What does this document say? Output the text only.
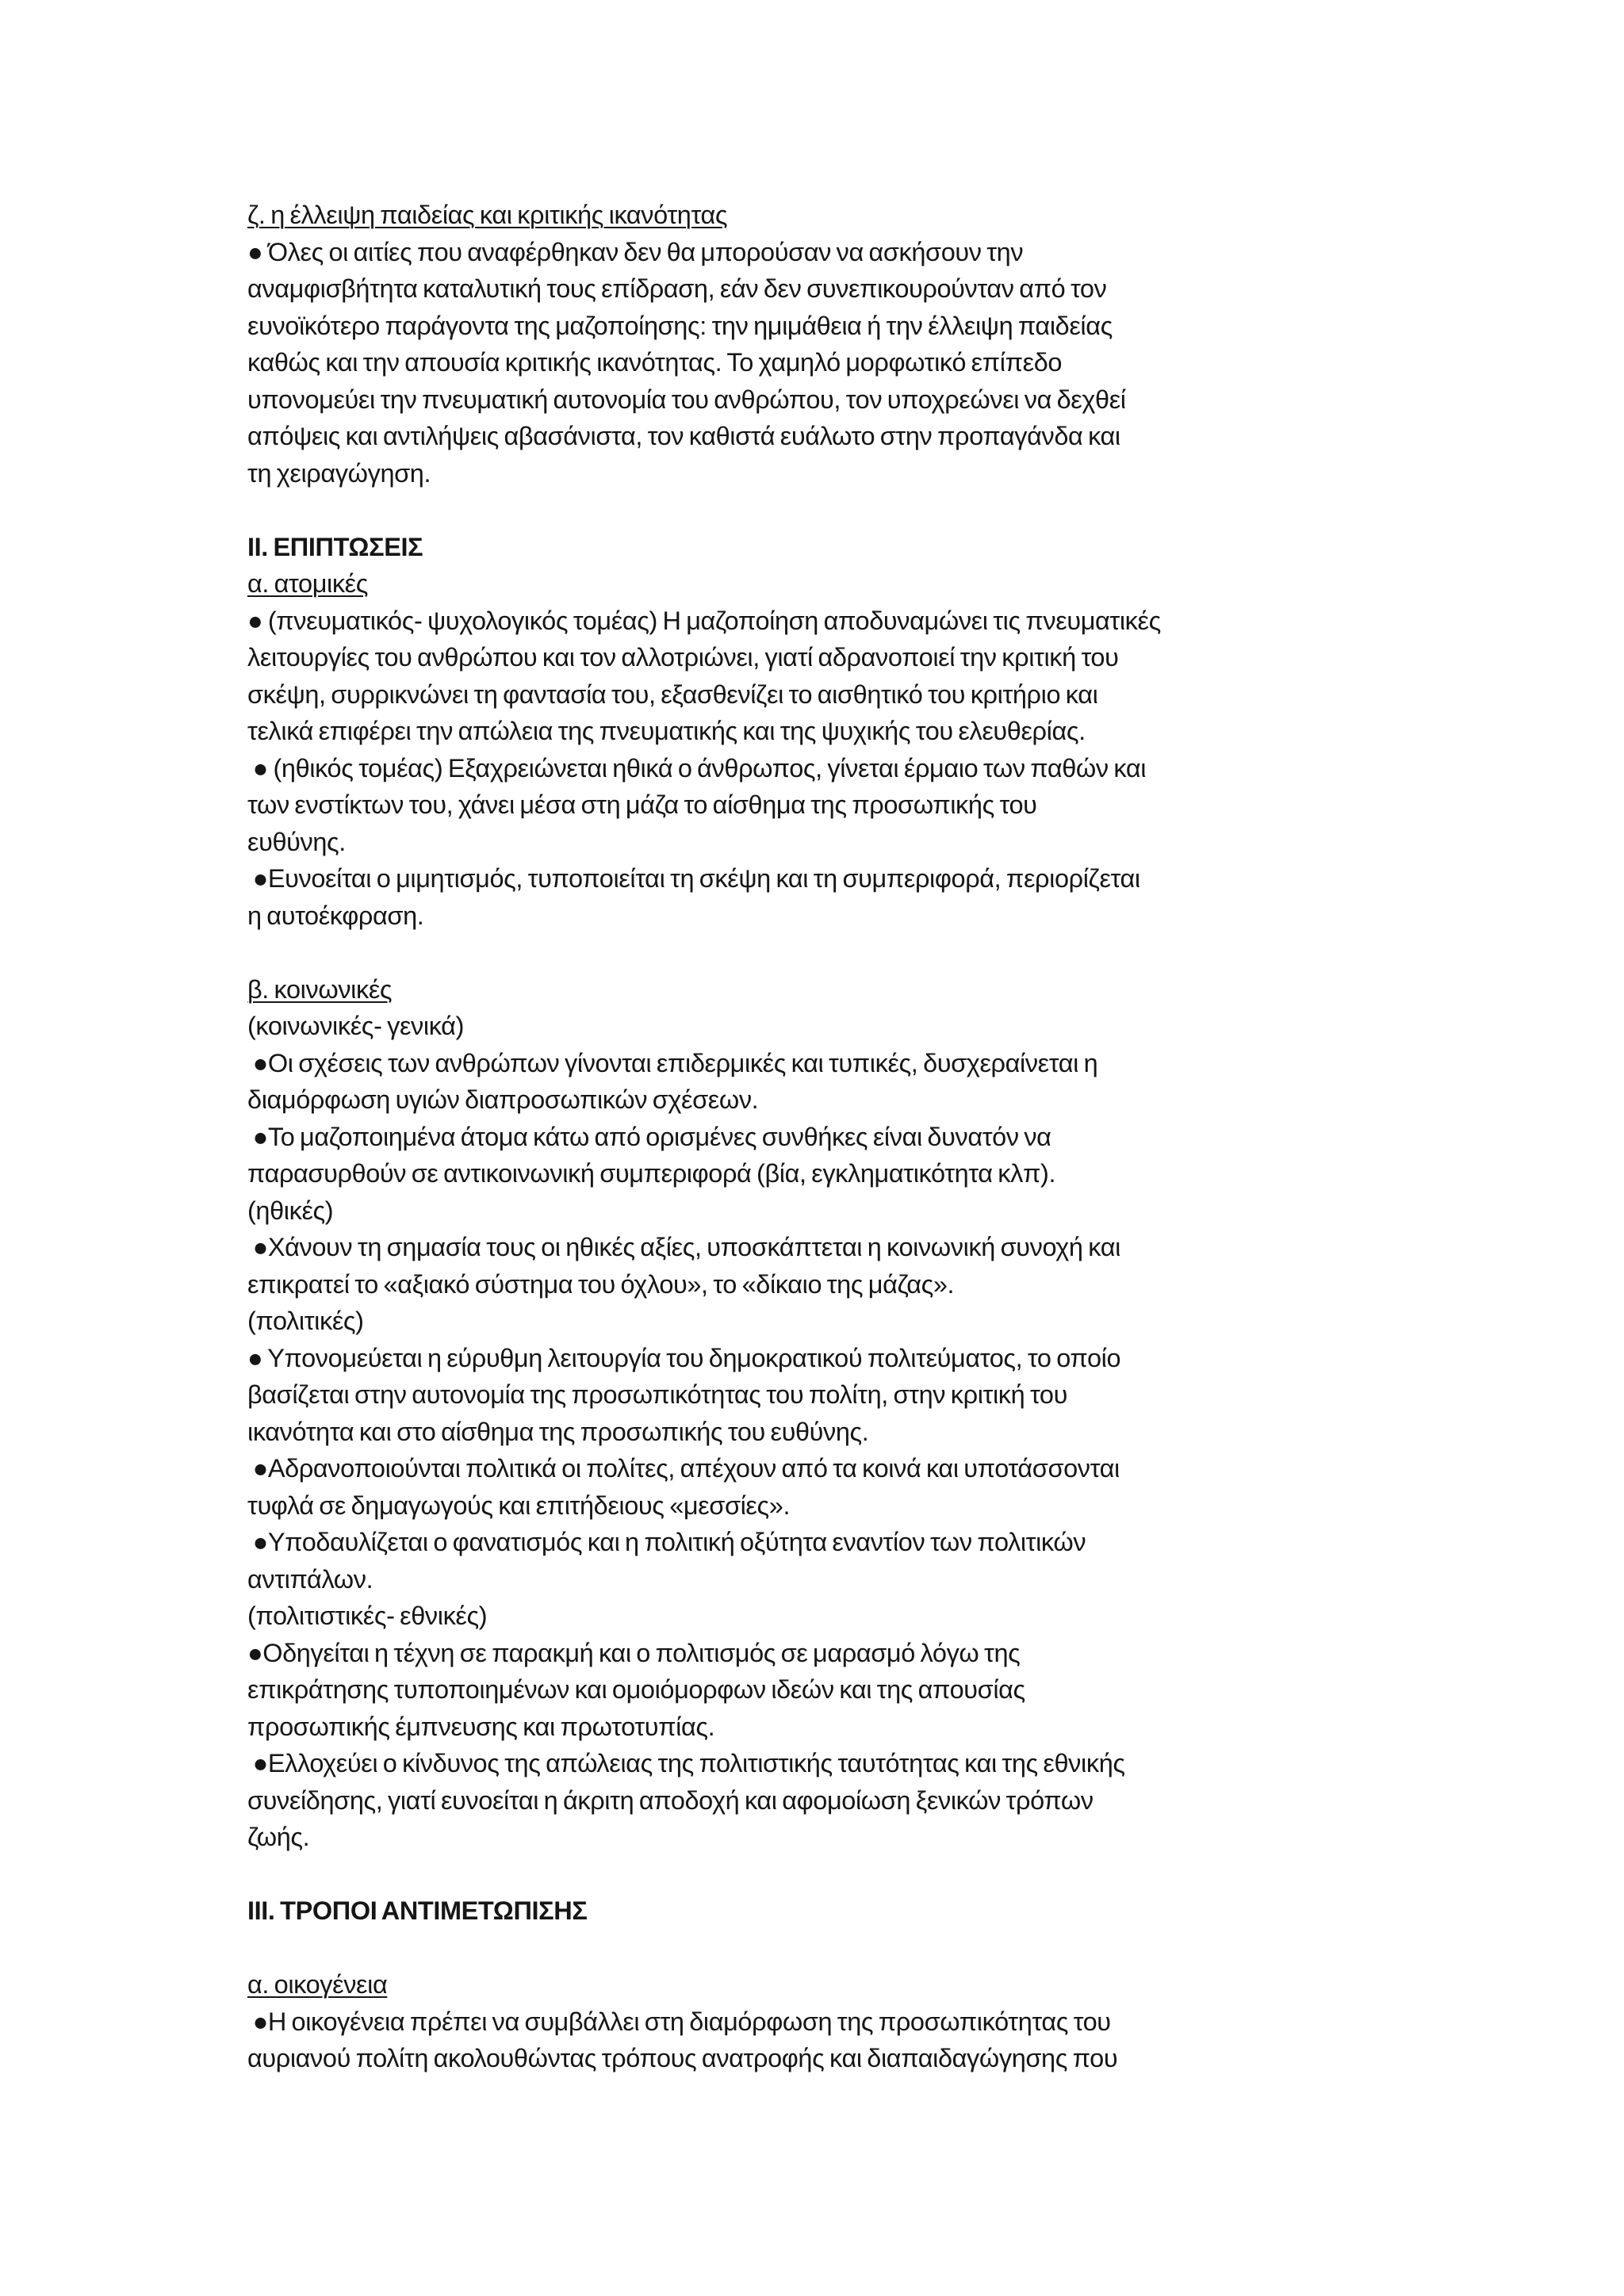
ζ. η έλλειψη παιδείας και κριτικής ικανότητας
● Όλες οι αιτίες που αναφέρθηκαν δεν θα μπορούσαν να ασκήσουν την
αναμφισβήτητα καταλυτική τους επίδραση, εάν δεν συνεπικουρούνταν από τον
ευνοϊκότερο παράγοντα της μαζοποίησης: την ημιμάθεια ή την έλλειψη παιδείας
καθώς και την απουσία κριτικής ικανότητας. Το χαμηλό μορφωτικό επίπεδο
υπονομεύει την πνευματική αυτονομία του ανθρώπου, τον υποχρεώνει να δεχθεί
απόψεις και αντιλήψεις αβασάνιστα, τον καθιστά ευάλωτο στην προπαγάνδα και
τη χειραγώγηση.
ΙΙ. ΕΠΙΠΤΩΣΕΙΣ
α. ατομικές
● (πνευματικός- ψυχολογικός τομέας) Η μαζοποίηση αποδυναμώνει τις πνευματικές
λειτουργίες του ανθρώπου και τον αλλοτριώνει, γιατί αδρανοποιεί την κριτική του
σκέψη, συρρικνώνει τη φαντασία του, εξασθενίζει το αισθητικό του κριτήριο και
τελικά επιφέρει την απώλεια της πνευματικής και της ψυχικής του ελευθερίας.
● (ηθικός τομέας) Εξαχρειώνεται ηθικά ο άνθρωπος, γίνεται έρμαιο των παθών και
των ενστίκτων του, χάνει μέσα στη μάζα το αίσθημα της προσωπικής του
ευθύνης.
●Ευνοείται ο μιμητισμός, τυποποιείται τη σκέψη και τη συμπεριφορά, περιορίζεται
η αυτοέκφραση.
β. κοινωνικές
(κοινωνικές- γενικά)
●Οι σχέσεις των ανθρώπων γίνονται επιδερμικές και τυπικές, δυσχεραίνεται η
διαμόρφωση υγιών διαπροσωπικών σχέσεων.
●Το μαζοποιημένα άτομα κάτω από ορισμένες συνθήκες είναι δυνατόν να
παρασυρθούν σε αντικοινωνική συμπεριφορά (βία, εγκληματικότητα κλπ).
(ηθικές)
●Χάνουν τη σημασία τους οι ηθικές αξίες, υποσκάπτεται η κοινωνική συνοχή και
επικρατεί το «αξιακό σύστημα του όχλου», το «δίκαιο της μάζας».
(πολιτικές)
● Υπονομεύεται η εύρυθμη λειτουργία του δημοκρατικού πολιτεύματος, το οποίο
βασίζεται στην αυτονομία της προσωπικότητας του πολίτη, στην κριτική του
ικανότητα και στο αίσθημα της προσωπικής του ευθύνης.
●Αδρανοποιούνται πολιτικά οι πολίτες, απέχουν από τα κοινά και υποτάσσονται
τυφλά σε δημαγωγούς και επιτήδειους «μεσσίες».
●Υποδαυλίζεται ο φανατισμός και η πολιτική οξύτητα εναντίον των πολιτικών
αντιπάλων.
(πολιτιστικές- εθνικές)
●Οδηγείται η τέχνη σε παρακμή και ο πολιτισμός σε μαρασμό λόγω της
επικράτησης τυποποιημένων και ομοιόμορφων ιδεών και της απουσίας
προσωπικής έμπνευσης και πρωτοτυπίας.
●Ελλοχεύει ο κίνδυνος της απώλειας της πολιτιστικής ταυτότητας και της εθνικής
συνείδησης, γιατί ευνοείται η άκριτη αποδοχή και αφομοίωση ξενικών τρόπων
ζωής.
ΙΙΙ. ΤΡΟΠΟΙ ΑΝΤΙΜΕΤΩΠΙΣΗΣ
α. οικογένεια
●Η οικογένεια πρέπει να συμβάλλει στη διαμόρφωση της προσωπικότητας του
αυριανού πολίτη ακολουθώντας τρόπους ανατροφής και διαπαιδαγώγησης που
